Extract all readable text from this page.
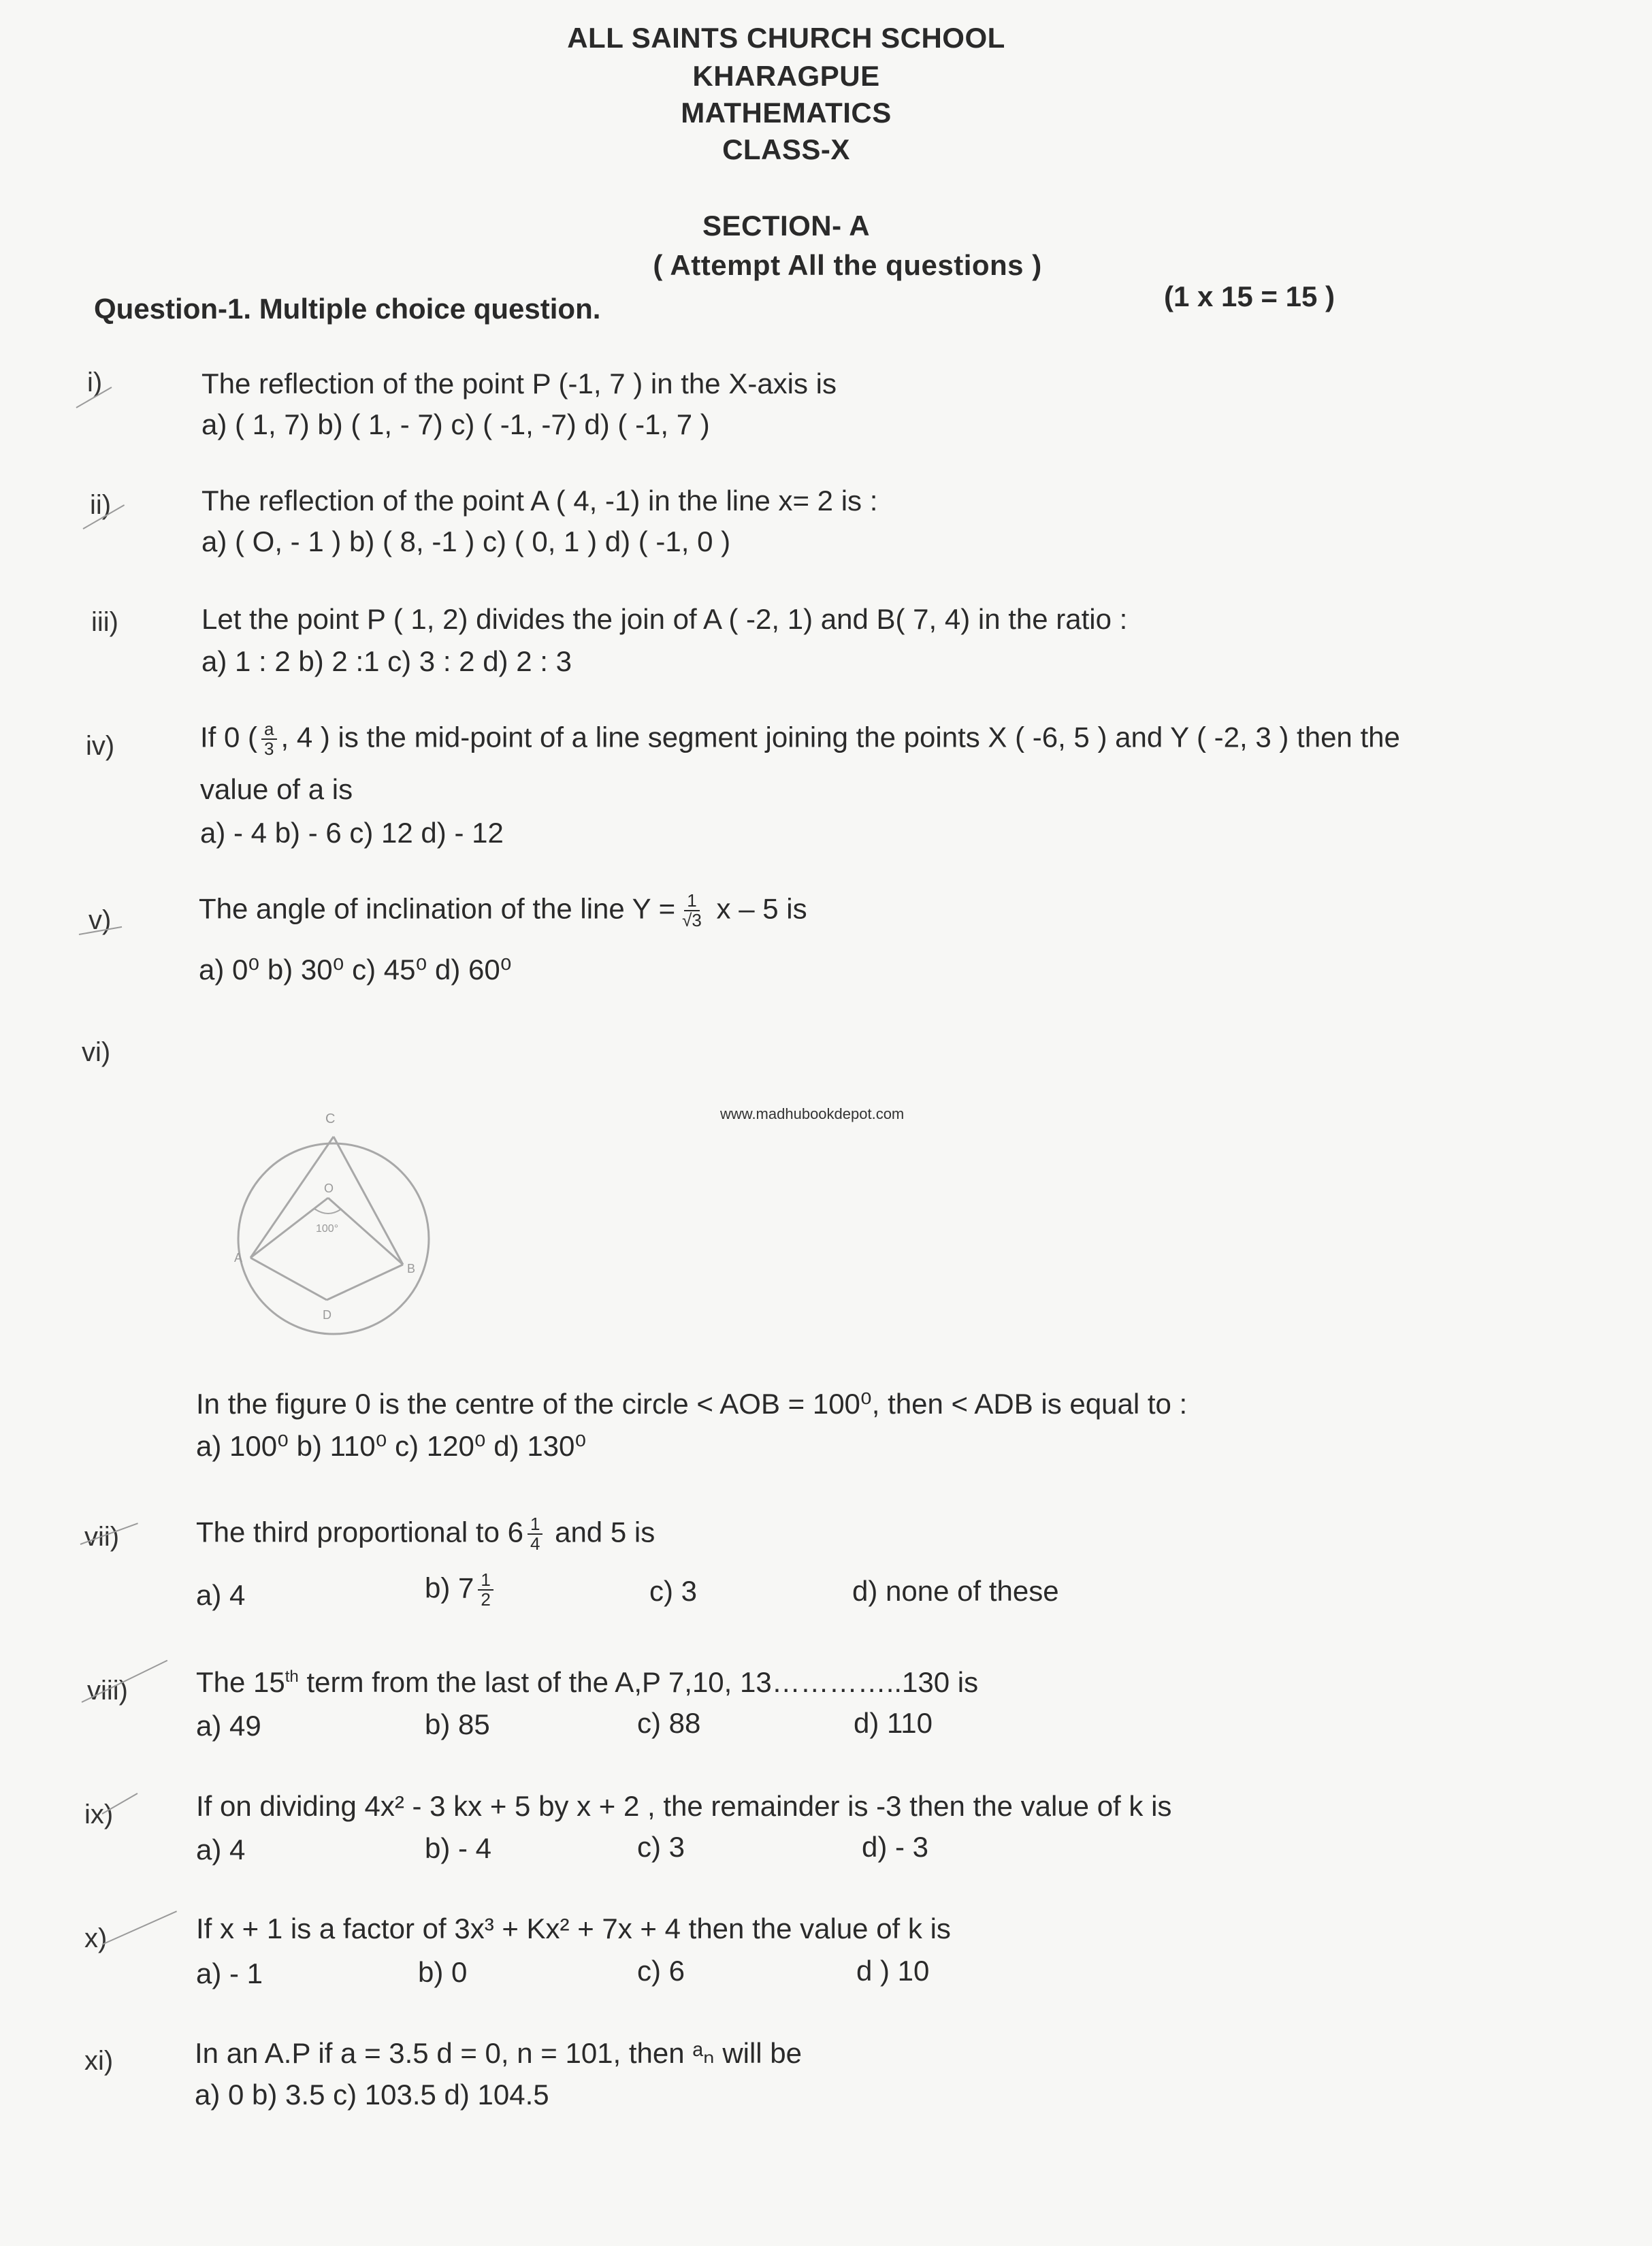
ALL SAINTS CHURCH SCHOOL
KHARAGPUE
MATHEMATICS
CLASS-X
SECTION- A
( Attempt All the questions )
Question-1. Multiple choice question.	(1 x 15 = 15 )
i)	The reflection of the point P (-1, 7 ) in the X-axis is
a) ( 1, 7) b) ( 1, - 7) c) ( -1, -7) d) ( -1, 7 )
ii)	The reflection of the point A ( 4, -1) in the line x= 2 is :
a) ( O, - 1 ) b) ( 8, -1 ) c) ( 0, 1 ) d) ( -1, 0 )
iii)	Let the point P ( 1, 2) divides the join of A ( -2, 1) and B( 7, 4) in the ratio :
a) 1 : 2 b) 2 :1 c) 3 : 2 d) 2 : 3
iv)	If 0 ( $\frac{a}{3}$ , 4 ) is the mid-point of a line segment joining the points X ( -6, 5 ) and Y ( -2, 3 ) then the
value of a is
a) - 4 b) - 6 c) 12 d) - 12
v)	The angle of inclination of the line $Y = \frac{1}{√3}$ x – 5 is
a) 0⁰ b) 30⁰ c) 45⁰ d) 60⁰
vi)
www.madhubookdepot.com
C
O
100°
A
B
D
In the figure 0 is the centre of the circle < AOB = 100⁰, then < ADB is equal to :
a) 100⁰ b) 110⁰ c) 120⁰ d) 130⁰
vii)	The third proportional to $6 \frac{1}{4}$ and 5 is
a) 4	b) $7 \frac{1}{2}$	c) 3	d) none of these
viii) The 15th term from the last of the A,P 7,10, 13…………..130 is
a) 49	b) 85	c) 88	d) 110
ix)	If on dividing 4x² - 3 kx + 5 by x + 2 , the remainder is -3 then the value of k is
a) 4	b) - 4	c) 3	d) - 3
x)	If x + 1 is a factor of 3x³ + Kx² + 7x + 4 then the value of k is
a) - 1	b) 0	c) 6	d ) 10
xi)	In an A.P if a = 3.5 d = 0, n = 101, then ᵃₙ will be
a) 0 b) 3.5 c) 103.5 d) 104.5
